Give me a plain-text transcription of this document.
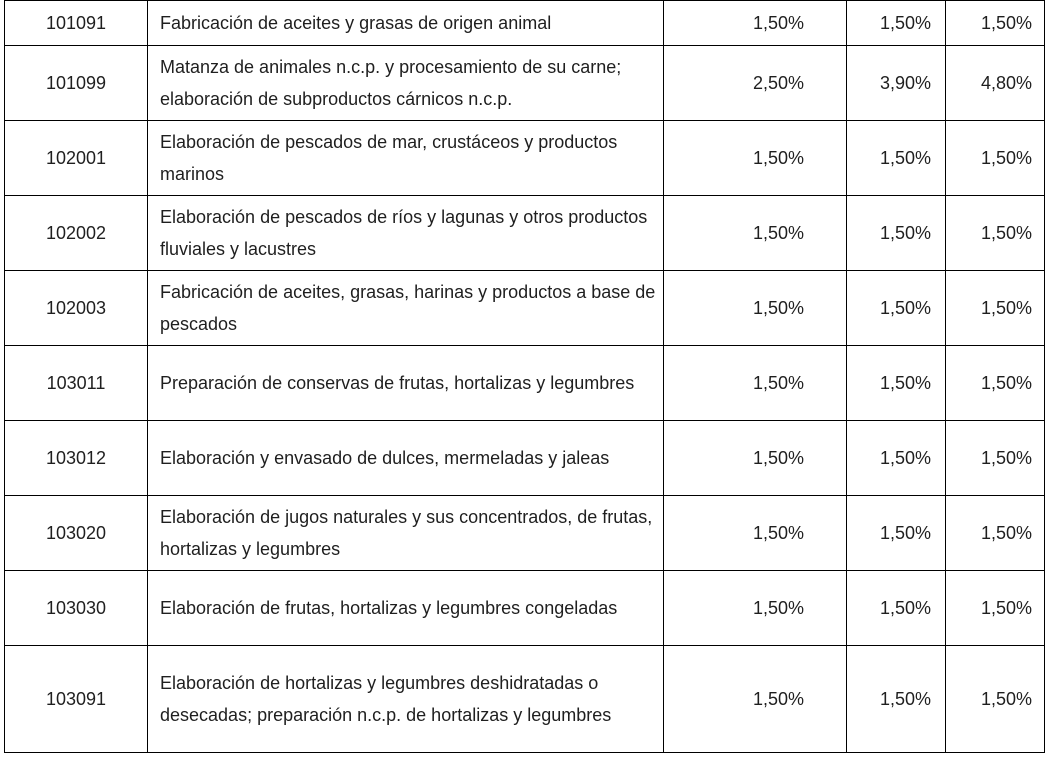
101091	Fabricación de aceites y grasas de origen animal	1,50%	1,50%	1,50%
101099	Matanza de animales n.c.p. y procesamiento de su carne; elaboración de subproductos cárnicos n.c.p.	2,50%	3,90%	4,80%
102001	Elaboración de pescados de mar, crustáceos y productos marinos	1,50%	1,50%	1,50%
102002	Elaboración de pescados de ríos y lagunas y otros productos fluviales y lacustres	1,50%	1,50%	1,50%
102003	Fabricación de aceites, grasas, harinas y productos a base de pescados	1,50%	1,50%	1,50%
103011	Preparación de conservas de frutas, hortalizas y legumbres	1,50%	1,50%	1,50%
103012	Elaboración y envasado de dulces, mermeladas y jaleas	1,50%	1,50%	1,50%
103020	Elaboración de jugos naturales y sus concentrados, de frutas, hortalizas y legumbres	1,50%	1,50%	1,50%
103030	Elaboración de frutas, hortalizas y legumbres congeladas	1,50%	1,50%	1,50%
103091	Elaboración de hortalizas y legumbres deshidratadas o desecadas; preparación n.c.p. de hortalizas y legumbres	1,50%	1,50%	1,50%
